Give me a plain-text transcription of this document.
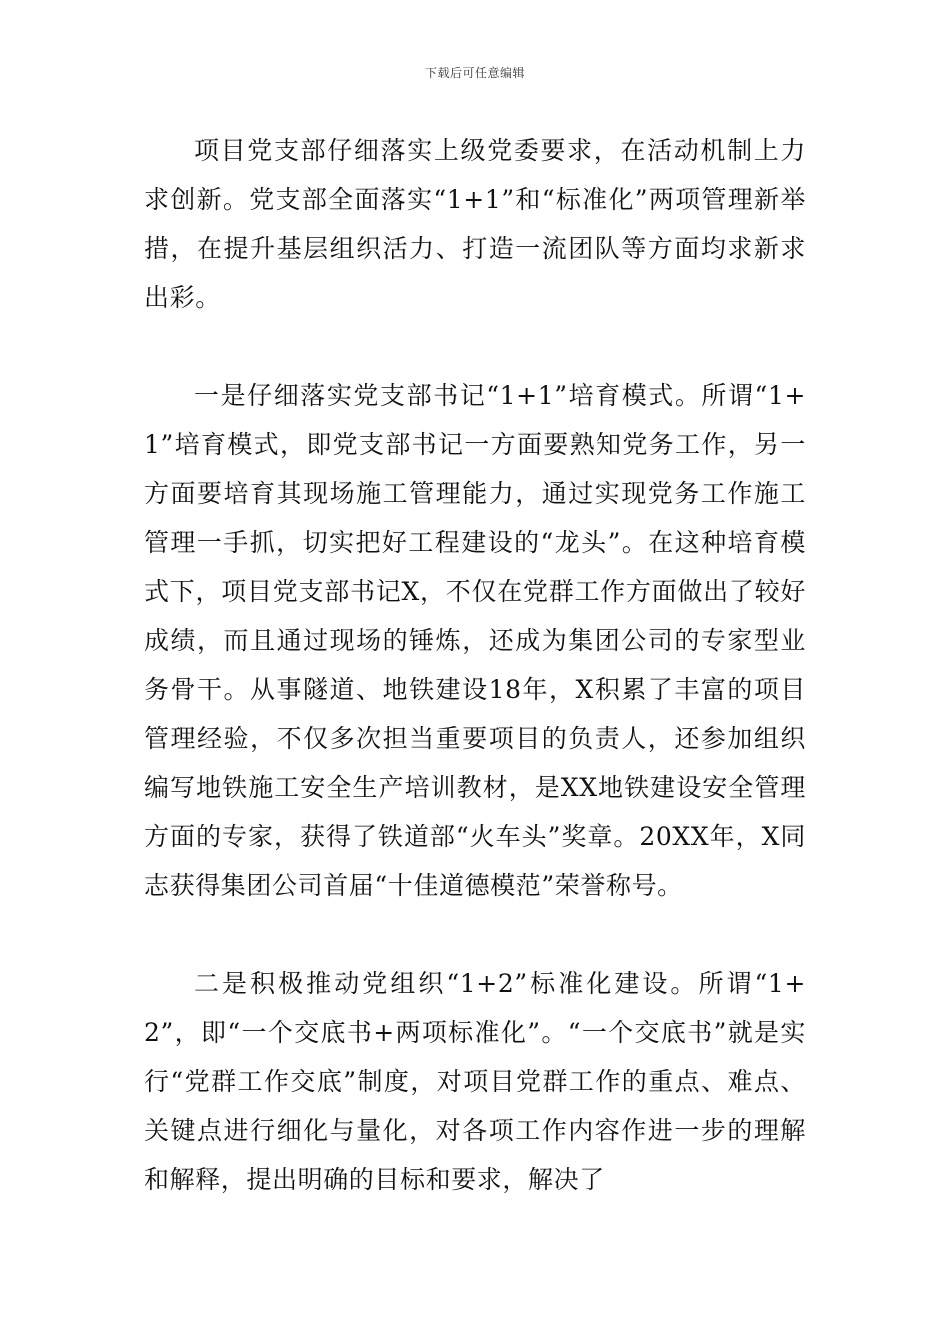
下载后可任意编辑

项目党支部仔细落实上级党委要求，在活动机制上力求创新。党支部全面落实“1+1”和“标准化”两项管理新举措，在提升基层组织活力、打造一流团队等方面均求新求出彩。

一是仔细落实党支部书记“1+1”培育模式。所谓“1+1”培育模式，即党支部书记一方面要熟知党务工作，另一方面要培育其现场施工管理能力，通过实现党务工作施工管理一手抓，切实把好工程建设的“龙头”。在这种培育模式下，项目党支部书记X，不仅在党群工作方面做出了较好成绩，而且通过现场的锤炼，还成为集团公司的专家型业务骨干。从事隧道、地铁建设18年，X积累了丰富的项目管理经验，不仅多次担当重要项目的负责人，还参加组织编写地铁施工安全生产培训教材，是XX地铁建设安全管理方面的专家，获得了铁道部“火车头”奖章。20XX年，X同志获得集团公司首届“十佳道德模范”荣誉称号。

二是积极推动党组织“1+2”标准化建设。所谓“1+2”，即“一个交底书+两项标准化”。“一个交底书”就是实行“党群工作交底”制度，对项目党群工作的重点、难点、关键点进行细化与量化，对各项工作内容作进一步的理解和解释，提出明确的目标和要求，解决了
